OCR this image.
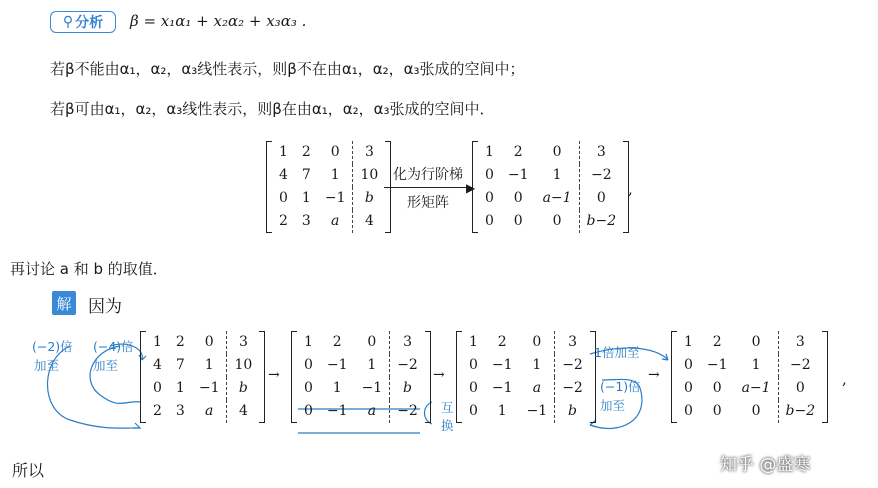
⚲ 分析 β = x₁α₁ + x₂α₂ + x₃α₃ .
若β不能由α₁，α₂，α₃线性表示，则β不在由α₁，α₂，α₃张成的空间中；
若β可由α₁，α₂，α₃线性表示，则β在由α₁，α₂，α₃张成的空间中．
1	2	0	3
4	7	1	10
0	1	−1	b
2	3	a	4
化为行阶梯
▶
形矩阵
1	2	0	3
0	−1	1	−2
0	0	a−1	0
0	0	0	b−2
,
再讨论 a 和 b 的取值．
解 因为
(−2)倍
加至
(−4)倍
加至
1	2	0	3
4	7	1	10
0	1	−1	b
2	3	a	4
→
1	2	0	3
0	−1	1	−2
0	1	−1	b
0	−1	a	−2 互
换
→
1	2	0	3
0	−1	1	−2
0	−1	a	−2
0	1	−1	b
1倍加至
(−1)倍
加至
→
1	2	0	3
0	−1	1	−2
0	0	a−1	0
0	0	0	b−2
,
所以	知乎 @盛寒
